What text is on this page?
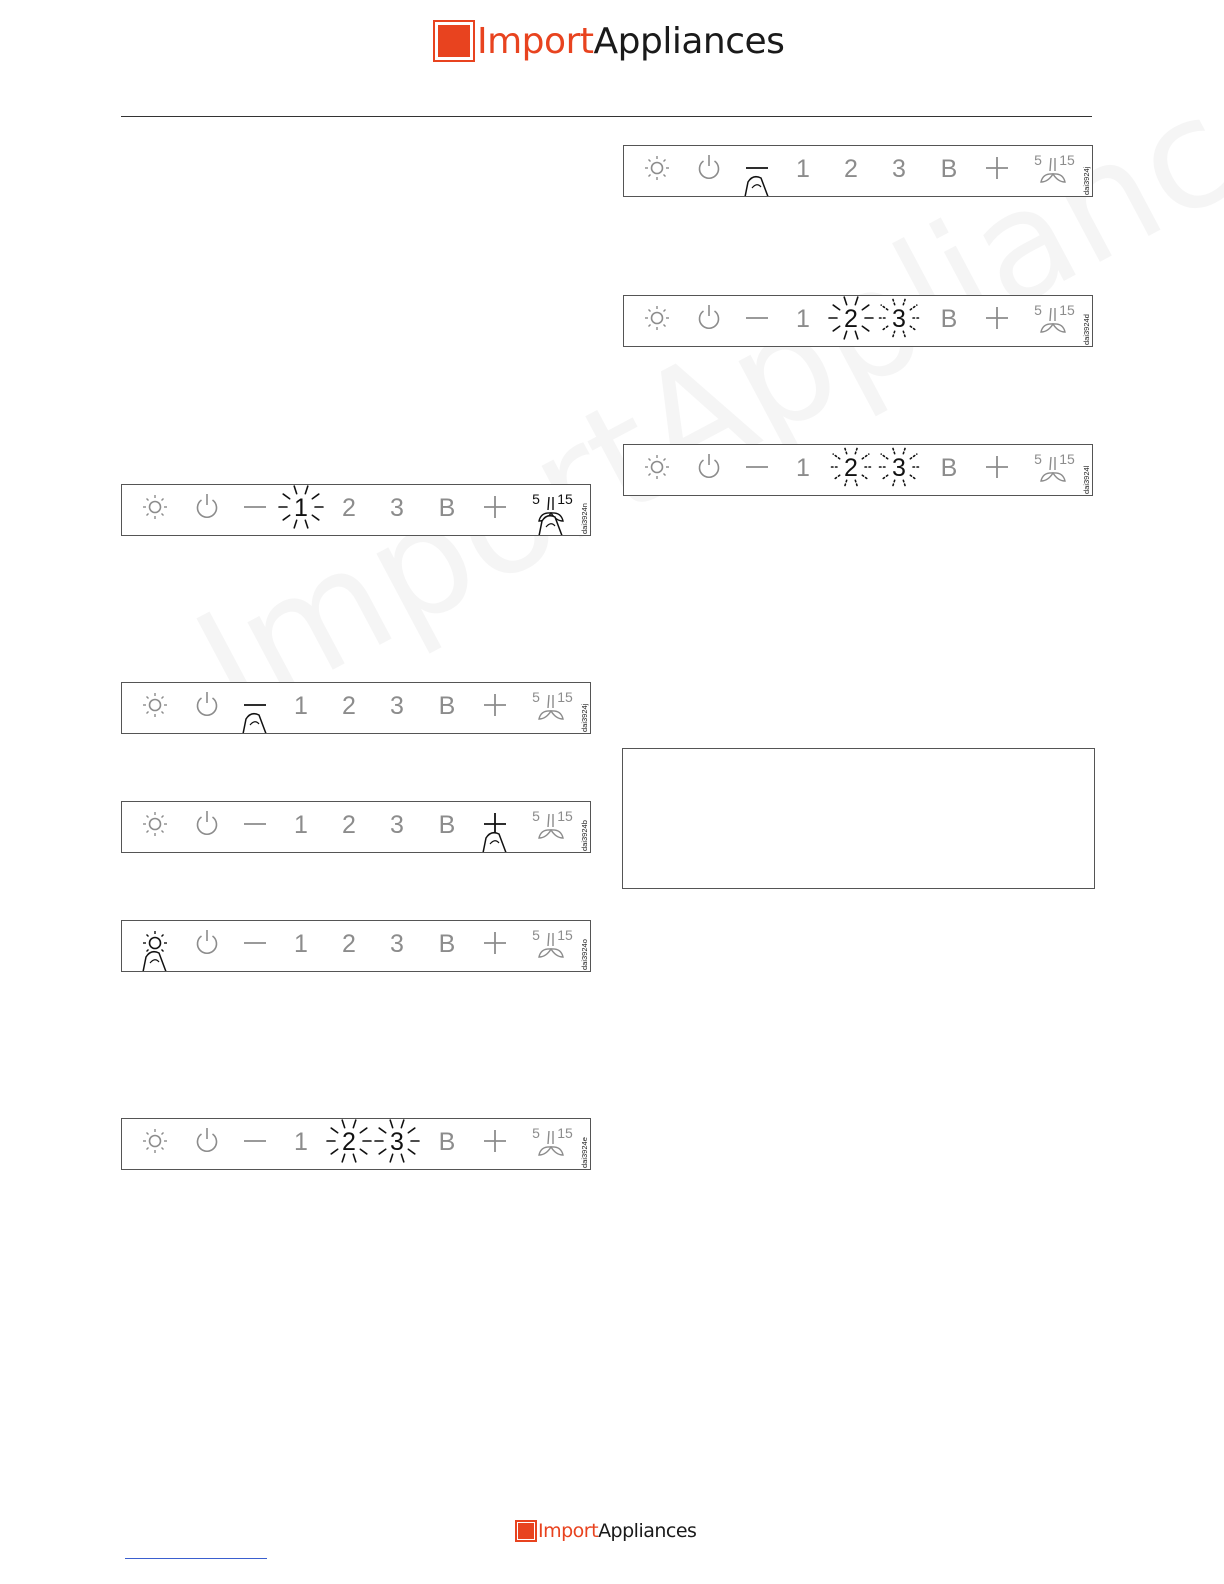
ImportAppliances
1 2 3 B	5 15
dai3924n
1 2 3 B	5 15
dai3924j
1 2 3 B	5 15
dai3924b
1 2 3 B	5 15
dai3924o
1 2 3 B	5 15
dai3924e
1 2 3 B	5 15
dai3924j
1 2 3 B	5 15
dai3924d
1 2 3 B	5 15
dai3924l
ImportAppliances
